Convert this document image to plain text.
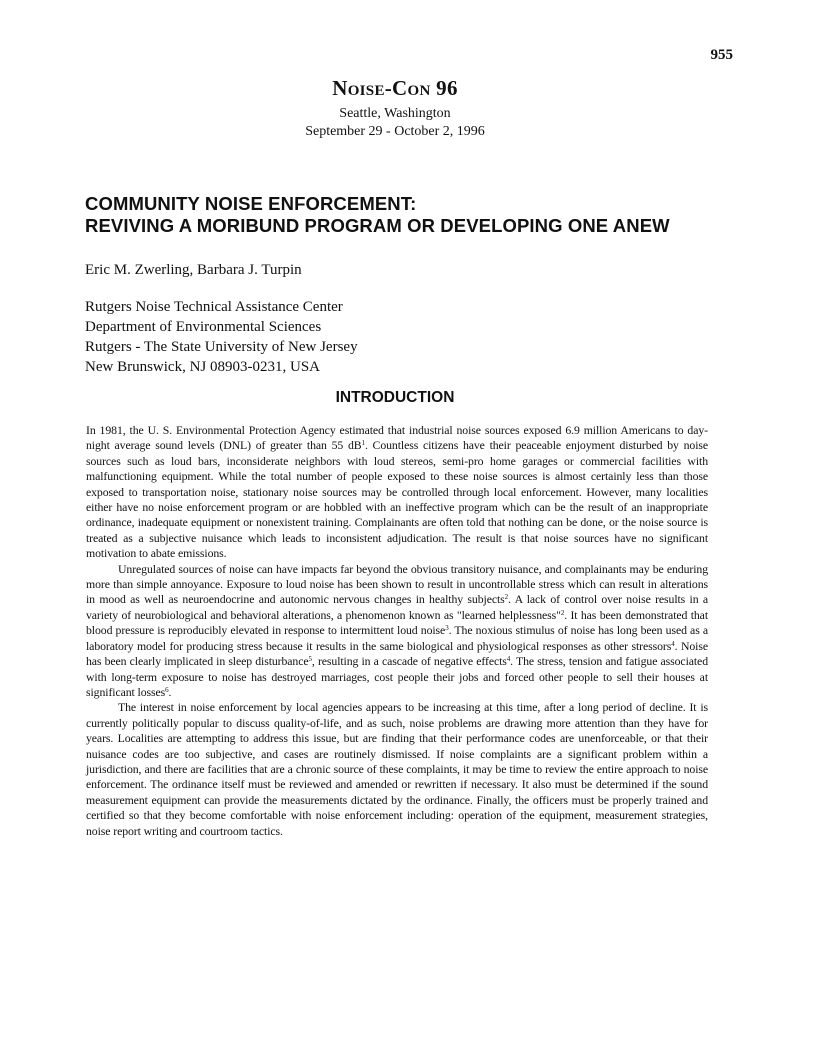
955
Noise-Con 96
Seattle, Washington
September 29 - October 2, 1996
COMMUNITY NOISE ENFORCEMENT:
REVIVING A MORIBUND PROGRAM OR DEVELOPING ONE ANEW
Eric M. Zwerling, Barbara J. Turpin
Rutgers Noise Technical Assistance Center
Department of Environmental Sciences
Rutgers - The State University of New Jersey
New Brunswick, NJ 08903-0231, USA
INTRODUCTION

In 1981, the U. S. Environmental Protection Agency estimated that industrial noise sources exposed 6.9 million Americans to day-night average sound levels (DNL) of greater than 55 $dB^1$. Countless citizens have their peaceable enjoyment disturbed by noise sources such as loud bars, inconsiderate neighbors with loud stereos, semi-pro home garages or commercial facilities with malfunctioning equipment. While the total number of people exposed to these noise sources is almost certainly less than those exposed to transportation noise, stationary noise sources may be controlled through local enforcement. However, many localities either have no noise enforcement program or are hobbled with an ineffective program which can be the result of an inappropriate ordinance, inadequate equipment or nonexistent training. Complainants are often told that nothing can be done, or the noise source is treated as a subjective nuisance which leads to inconsistent adjudication. The result is that noise sources have no significant motivation to abate emissions.

Unregulated sources of noise can have impacts far beyond the obvious transitory nuisance, and complainants may be enduring more than simple annoyance. Exposure to loud noise has been shown to result in uncontrollable stress which can result in alterations in mood as well as neuroendocrine and autonomic nervous changes in healthy subjects$^2$. A lack of control over noise results in a variety of neurobiological and behavioral alterations, a phenomenon known as "learned helplessness"$^2$. It has been demonstrated that blood pressure is reproducibly elevated in response to intermittent loud noise$^3$. The noxious stimulus of noise has long been used as a laboratory model for producing stress because it results in the same biological and physiological responses as other stressors$^4$. Noise has been clearly implicated in sleep disturbance$^5$, resulting in a cascade of negative effects$^4$. The stress, tension and fatigue associated with long-term exposure to noise has destroyed marriages, cost people their jobs and forced other people to sell their houses at significant losses$^6$.

The interest in noise enforcement by local agencies appears to be increasing at this time, after a long period of decline. It is currently politically popular to discuss quality-of-life, and as such, noise problems are drawing more attention than they have for years. Localities are attempting to address this issue, but are finding that their performance codes are unenforceable, or that their nuisance codes are too subjective, and cases are routinely dismissed. If noise complaints are a significant problem within a jurisdiction, and there are facilities that are a chronic source of these complaints, it may be time to review the entire approach to noise enforcement. The ordinance itself must be reviewed and amended or rewritten if necessary. It also must be determined if the sound measurement equipment can provide the measurements dictated by the ordinance. Finally, the officers must be properly trained and certified so that they become comfortable with noise enforcement including: operation of the equipment, measurement strategies, noise report writing and courtroom tactics.
